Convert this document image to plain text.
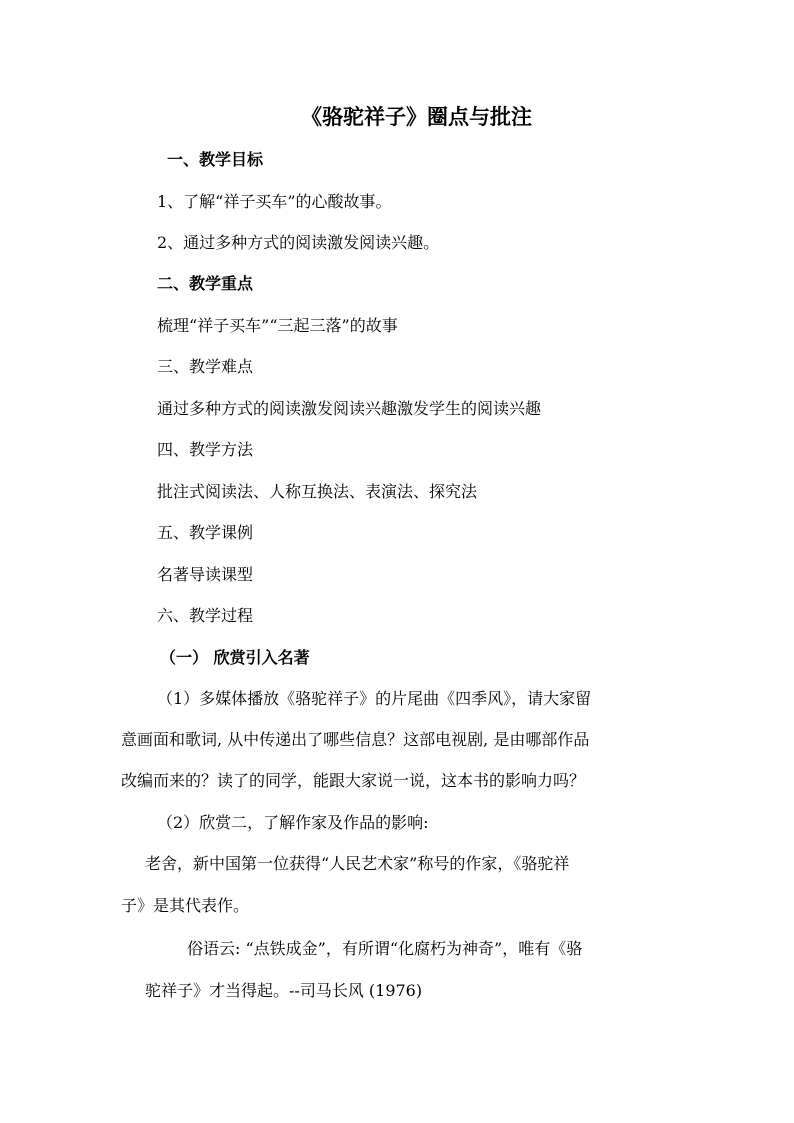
《骆驼祥子》圈点与批注
一、教学目标
1、了解“祥子买车”的心酸故事。
2、通过多种方式的阅读激发阅读兴趣。
二、教学重点
梳理“祥子买车”“三起三落”的故事
三、教学难点
通过多种方式的阅读激发阅读兴趣激发学生的阅读兴趣
四、教学方法
批注式阅读法、人称互换法、表演法、探究法
五、教学课例
名著导读课型
六、教学过程
（一） 欣赏引入名著
（1）多媒体播放《骆驼祥子》的片尾曲《四季风》，请大家留
意画面和歌词, 从中传递出了哪些信息？这部电视剧, 是由哪部作品
改编而来的？读了的同学，能跟大家说一说，这本书的影响力吗？
（2）欣赏二，了解作家及作品的影响:
老舍，新中国第一位获得“人民艺术家”称号的作家，《骆驼祥
子》是其代表作。
俗语云: “点铁成金”，有所谓“化腐朽为神奇”，唯有《骆
驼祥子》才当得起。--司马长风 (1976)
